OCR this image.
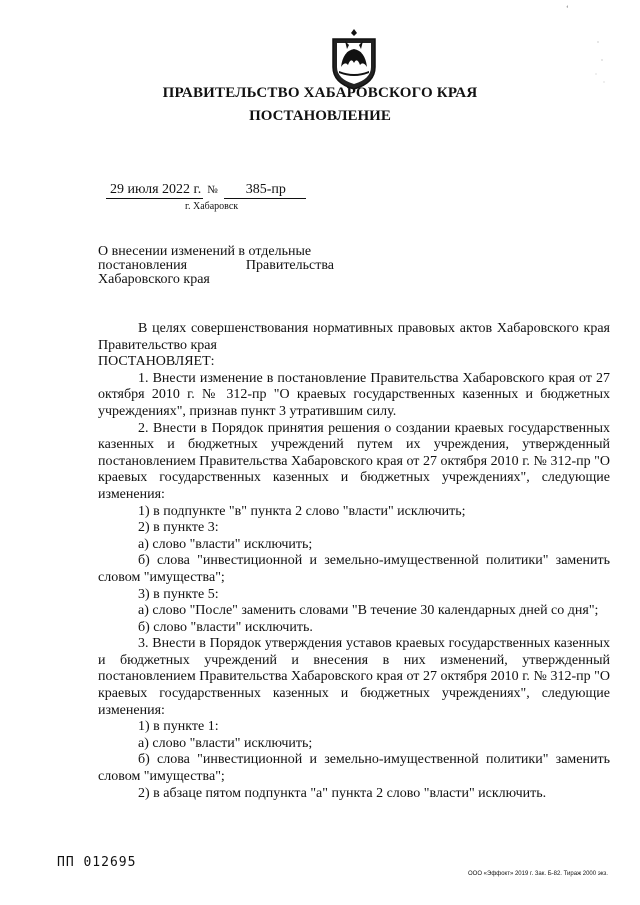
ʻ
ПРАВИТЕЛЬСТВО ХАБАРОВСКОГО КРАЯ
ПОСТАНОВЛЕНИЕ
29 июля 2022 г. № 385-пр
г. Хабаровск
О внесении изменений в отдельные
постановления	Правительства
Хабаровского края

В целях совершенствования нормативных правовых актов Хабаровского края Правительство края

ПОСТАНОВЛЯЕТ:

1. Внести изменение в постановление Правительства Хабаровского края от 27 октября 2010 г. № 312-пр "О краевых государственных казенных и бюджетных учреждениях", признав пункт 3 утратившим силу.

2. Внести в Порядок принятия решения о создании краевых государственных казенных и бюджетных учреждений путем их учреждения, утвержденный постановлением Правительства Хабаровского края от 27 октября 2010 г. № 312-пр "О краевых государственных казенных и бюджетных учреждениях", следующие изменения:

1) в подпункте "в" пункта 2 слово "власти" исключить;

2) в пункте 3:

а) слово "власти" исключить;

б) слова "инвестиционной и земельно-имущественной политики" заменить словом "имущества";

3) в пункте 5:

а) слово "После" заменить словами "В течение 30 календарных дней со дня";

б) слово "власти" исключить.

3. Внести в Порядок утверждения уставов краевых государственных казенных и бюджетных учреждений и внесения в них изменений, утвержденный постановлением Правительства Хабаровского края от 27 октября 2010 г. № 312-пр "О краевых государственных казенных и бюджетных учреждениях", следующие изменения:

1) в пункте 1:

а) слово "власти" исключить;

б) слова "инвестиционной и земельно-имущественной политики" заменить словом "имущества";

2) в абзаце пятом подпункта "а" пункта 2 слово "власти" исключить.

ПП 012695
ООО «Эффокт» 2019 г. Зак. Б-82. Тираж 2000 экз.
